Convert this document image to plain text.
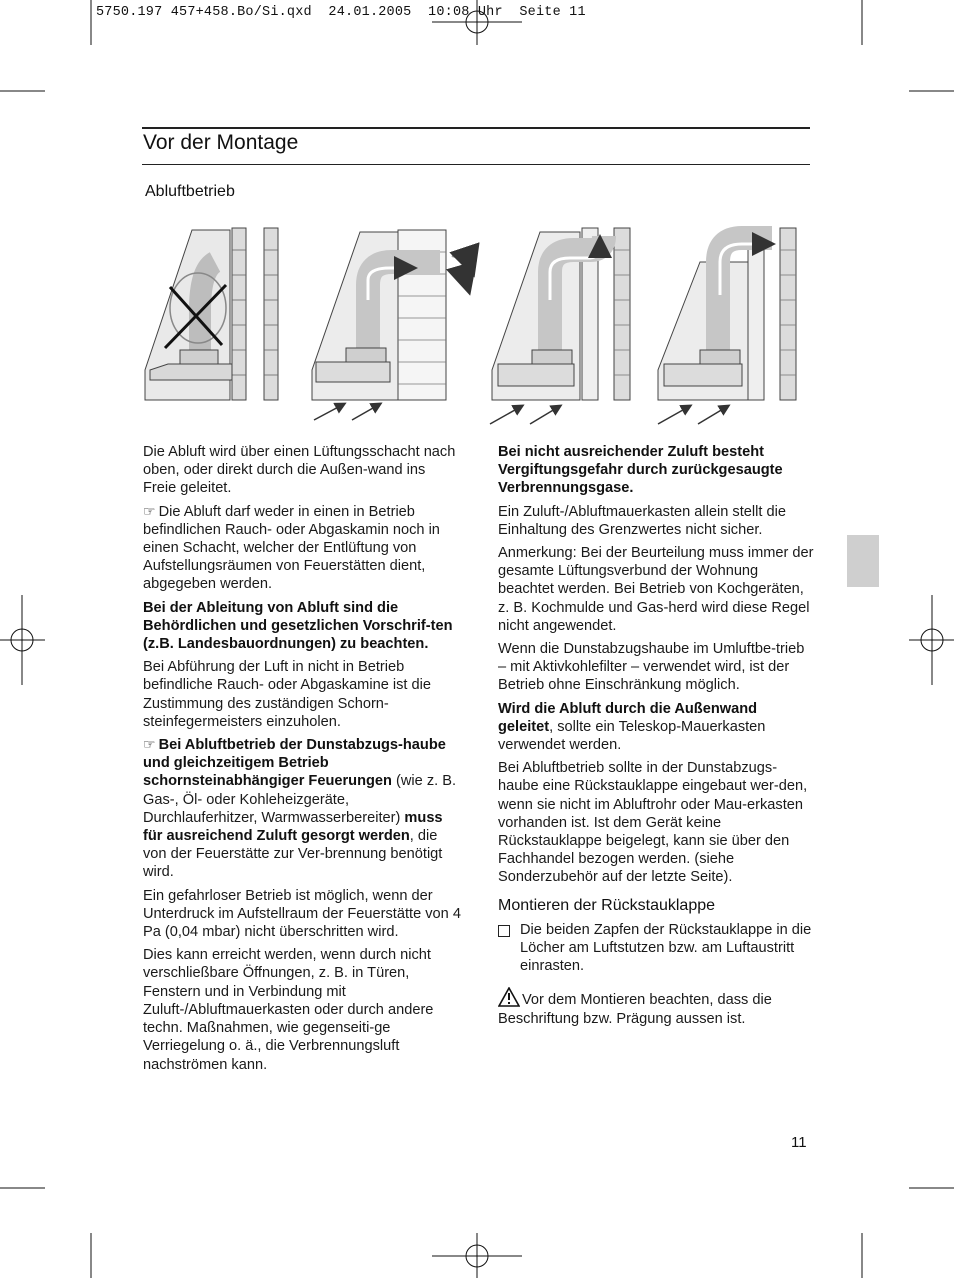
5750.197 457+458.Bo/Si.qxd  24.01.2005  10:08 Uhr  Seite 11
Vor der Montage
Abluftbetrieb

Die Abluft wird über einen Lüftungsschacht nach oben, oder direkt durch die Außen-wand ins Freie geleitet.

☞ Die Abluft darf weder in einen in Betrieb befindlichen Rauch- oder Abgaskamin noch in einen Schacht, welcher der Entlüftung von Aufstellungsräumen von Feuerstätten dient, abgegeben werden.

Bei der Ableitung von Abluft sind die Behördlichen und gesetzlichen Vorschrif-ten (z.B. Landesbauordnungen) zu beachten.

Bei Abführung der Luft in nicht in Betrieb befindliche Rauch- oder Abgaskamine ist die Zustimmung des zuständigen Schorn-steinfegermeisters einzuholen.

☞ Bei Abluftbetrieb der Dunstabzugs-haube und gleichzeitigem Betrieb schornsteinabhängiger Feuerungen (wie z. B. Gas-, Öl- oder Kohleheizgeräte, Durchlauferhitzer, Warmwasserbereiter) muss für ausreichend Zuluft gesorgt werden, die von der Feuerstätte zur Ver-brennung benötigt wird.

Ein gefahrloser Betrieb ist möglich, wenn der Unterdruck im Aufstellraum der Feuerstätte von 4 Pa (0,04 mbar) nicht überschritten wird.

Dies kann erreicht werden, wenn durch nicht verschließbare Öffnungen, z. B. in Türen, Fenstern und in Verbindung mit Zuluft-/Abluftmauerkasten oder durch andere techn. Maßnahmen, wie gegenseiti-ge Verriegelung o. ä., die Verbrennungsluft nachströmen kann.

Bei nicht ausreichender Zuluft besteht Vergiftungsgefahr durch zurückgesaugte Verbrennungsgase.

Ein Zuluft-/Abluftmauerkasten allein stellt die Einhaltung des Grenzwertes nicht sicher.

Anmerkung: Bei der Beurteilung muss immer der gesamte Lüftungsverbund der Wohnung beachtet werden. Bei Betrieb von Kochgeräten, z. B. Kochmulde und Gas-herd wird diese Regel nicht angewendet.

Wenn die Dunstabzugshaube im Umluftbe-trieb – mit Aktivkohlefilter – verwendet wird, ist der Betrieb ohne Einschränkung möglich.

Wird die Abluft durch die Außenwand geleitet, sollte ein Teleskop-Mauerkasten verwendet werden.

Bei Abluftbetrieb sollte in der Dunstabzugs-haube eine Rückstauklappe eingebaut wer-den, wenn sie nicht im Abluftrohr oder Mau-erkasten vorhanden ist. Ist dem Gerät keine Rückstauklappe beigelegt, kann sie über den Fachhandel bezogen werden. (siehe Sonderzubehör auf der letzte Seite).

Montieren der Rückstauklappe

Die beiden Zapfen der Rückstauklappe in die Löcher am Luftstutzen bzw. am Luftaustritt einrasten.

Vor dem Montieren beachten, dass die Beschriftung bzw. Prägung aussen ist.

11
